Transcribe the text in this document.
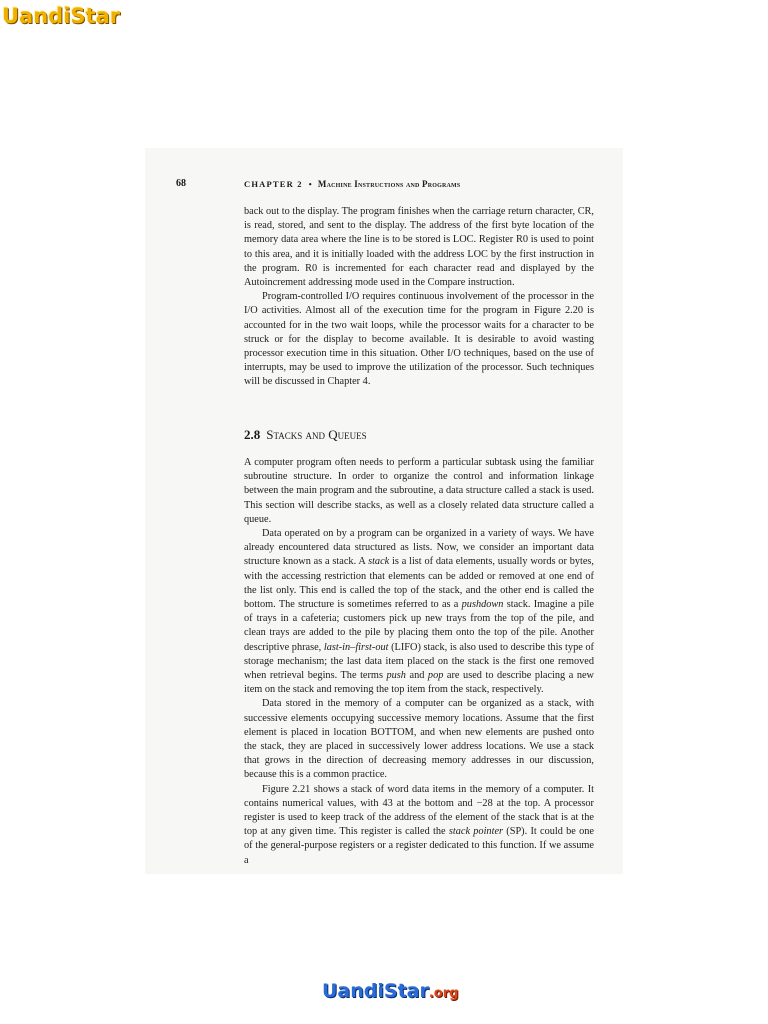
UandiStar
68	CHAPTER 2 • Machine Instructions and Programs

back out to the display. The program finishes when the carriage return character, CR, is read, stored, and sent to the display. The address of the first byte location of the memory data area where the line is to be stored is LOC. Register R0 is used to point to this area, and it is initially loaded with the address LOC by the first instruction in the program. R0 is incremented for each character read and displayed by the Autoincrement addressing mode used in the Compare instruction.

Program-controlled I/O requires continuous involvement of the processor in the I/O activities. Almost all of the execution time for the program in Figure 2.20 is accounted for in the two wait loops, while the processor waits for a character to be struck or for the display to become available. It is desirable to avoid wasting processor execution time in this situation. Other I/O techniques, based on the use of interrupts, may be used to improve the utilization of the processor. Such techniques will be discussed in Chapter 4.

2.8 Stacks and Queues

A computer program often needs to perform a particular subtask using the familiar subroutine structure. In order to organize the control and information linkage between the main program and the subroutine, a data structure called a stack is used. This section will describe stacks, as well as a closely related data structure called a queue.

Data operated on by a program can be organized in a variety of ways. We have already encountered data structured as lists. Now, we consider an important data structure known as a stack. A stack is a list of data elements, usually words or bytes, with the accessing restriction that elements can be added or removed at one end of the list only. This end is called the top of the stack, and the other end is called the bottom. The structure is sometimes referred to as a pushdown stack. Imagine a pile of trays in a cafeteria; customers pick up new trays from the top of the pile, and clean trays are added to the pile by placing them onto the top of the pile. Another descriptive phrase, last-in–first-out (LIFO) stack, is also used to describe this type of storage mechanism; the last data item placed on the stack is the first one removed when retrieval begins. The terms push and pop are used to describe placing a new item on the stack and removing the top item from the stack, respectively.

Data stored in the memory of a computer can be organized as a stack, with successive elements occupying successive memory locations. Assume that the first element is placed in location BOTTOM, and when new elements are pushed onto the stack, they are placed in successively lower address locations. We use a stack that grows in the direction of decreasing memory addresses in our discussion, because this is a common practice.

Figure 2.21 shows a stack of word data items in the memory of a computer. It contains numerical values, with 43 at the bottom and −28 at the top. A processor register is used to keep track of the address of the element of the stack that is at the top at any given time. This register is called the stack pointer (SP). It could be one of the general-purpose registers or a register dedicated to this function. If we assume a

UandiStar.org
